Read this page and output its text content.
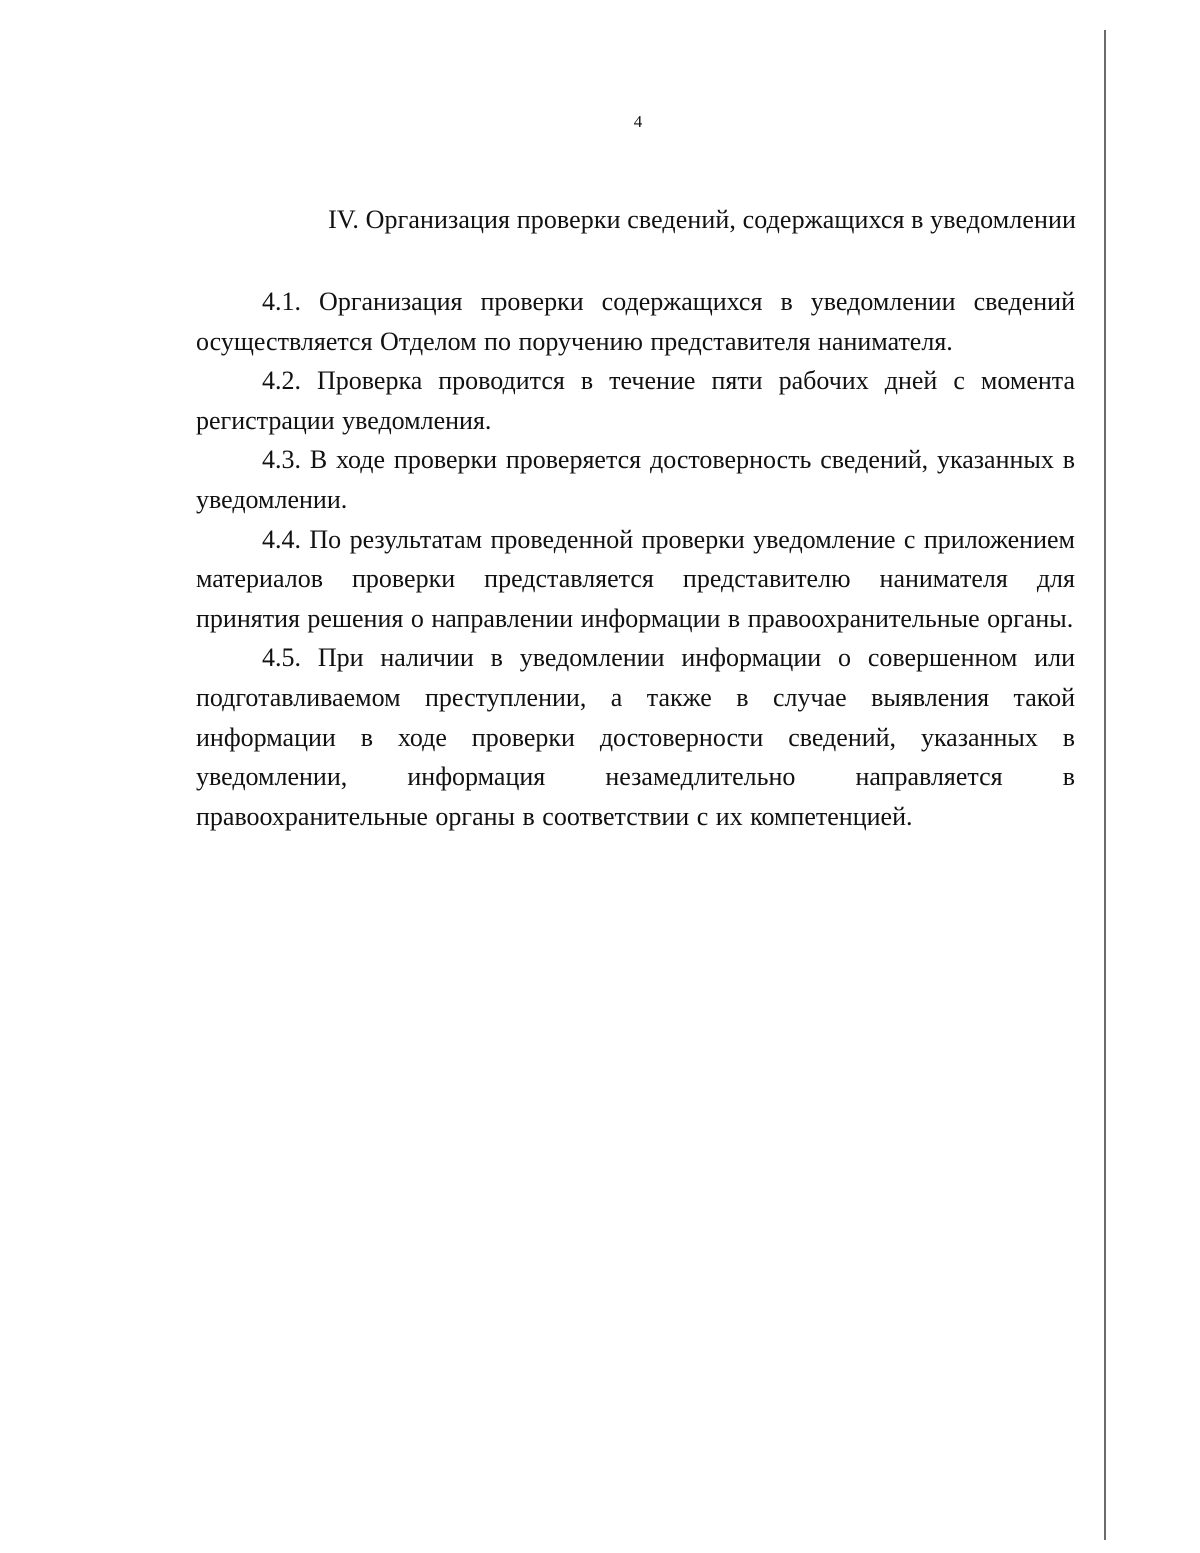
4
IV. Организация проверки сведений, содержащихся в уведомлении

4.1. Организация проверки содержащихся в уведомлении сведений осуществляется Отделом по поручению представителя нанимателя.

4.2. Проверка проводится в течение пяти рабочих дней с момента регистрации уведомления.

4.3. В ходе проверки проверяется достоверность сведений, указанных в уведомлении.

4.4. По результатам проведенной проверки уведомление с приложением материалов проверки представляется представителю нанимателя для принятия решения о направлении информации в правоохранительные органы.

4.5. При наличии в уведомлении информации о совершенном или подготавливаемом преступлении, а также в случае выявления такой информации в ходе проверки достоверности сведений, указанных в уведомлении, информация незамедлительно направляется в правоохранительные органы в соответствии с их компетенцией.
